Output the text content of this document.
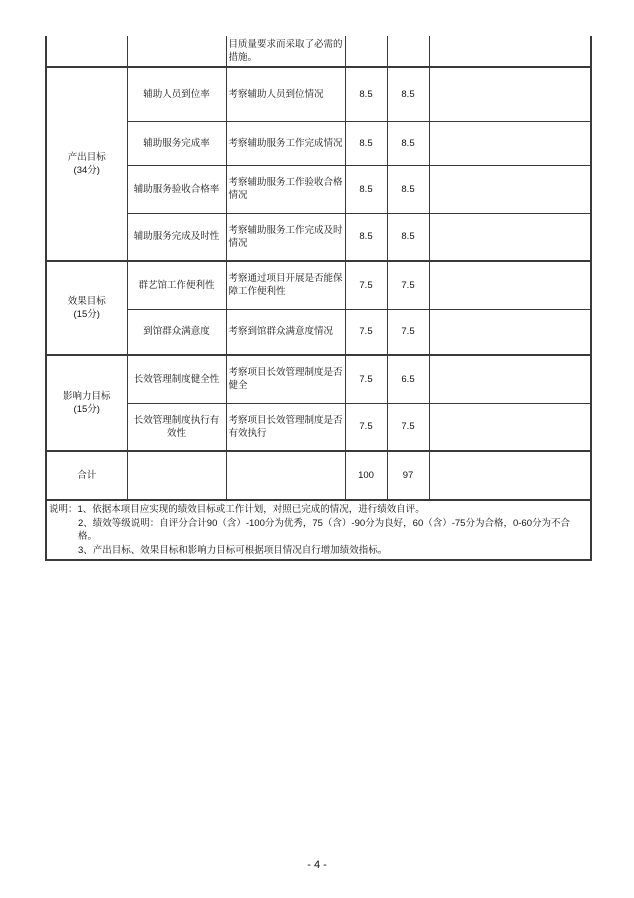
		目质量要求而采取了必需的措施。			

产出目标
(34分)	辅助人员到位率	考察辅助人员到位情况	8.5	8.5	
	辅助服务完成率	考察辅助服务工作完成情况	8.5	8.5	
	辅助服务验收合格率	考察辅助服务工作验收合格情况	8.5	8.5	
	辅助服务完成及时性	考察辅助服务工作完成及时情况	8.5	8.5	

效果目标
(15分)	群艺馆工作便利性	考察通过项目开展是否能保障工作便利性	7.5	7.5	
	到馆群众满意度	考察到馆群众满意度情况	7.5	7.5	

影响力目标
(15分)	长效管理制度健全性	考察项目长效管理制度是否健全	7.5	6.5	
	长效管理制度执行有效性	考察项目长效管理制度是否有效执行	7.5	7.5	
合计			100	97	

说明：1、依据本项目应实现的绩效目标或工作计划，对照已完成的情况，进行绩效自评。
2、绩效等级说明：自评分合计90（含）-100分为优秀，75（含）-90分为良好，60（含）-75分为合格，0-60分为不合格。
3、产出目标、效果目标和影响力目标可根据项目情况自行增加绩效指标。					
- 4 -
